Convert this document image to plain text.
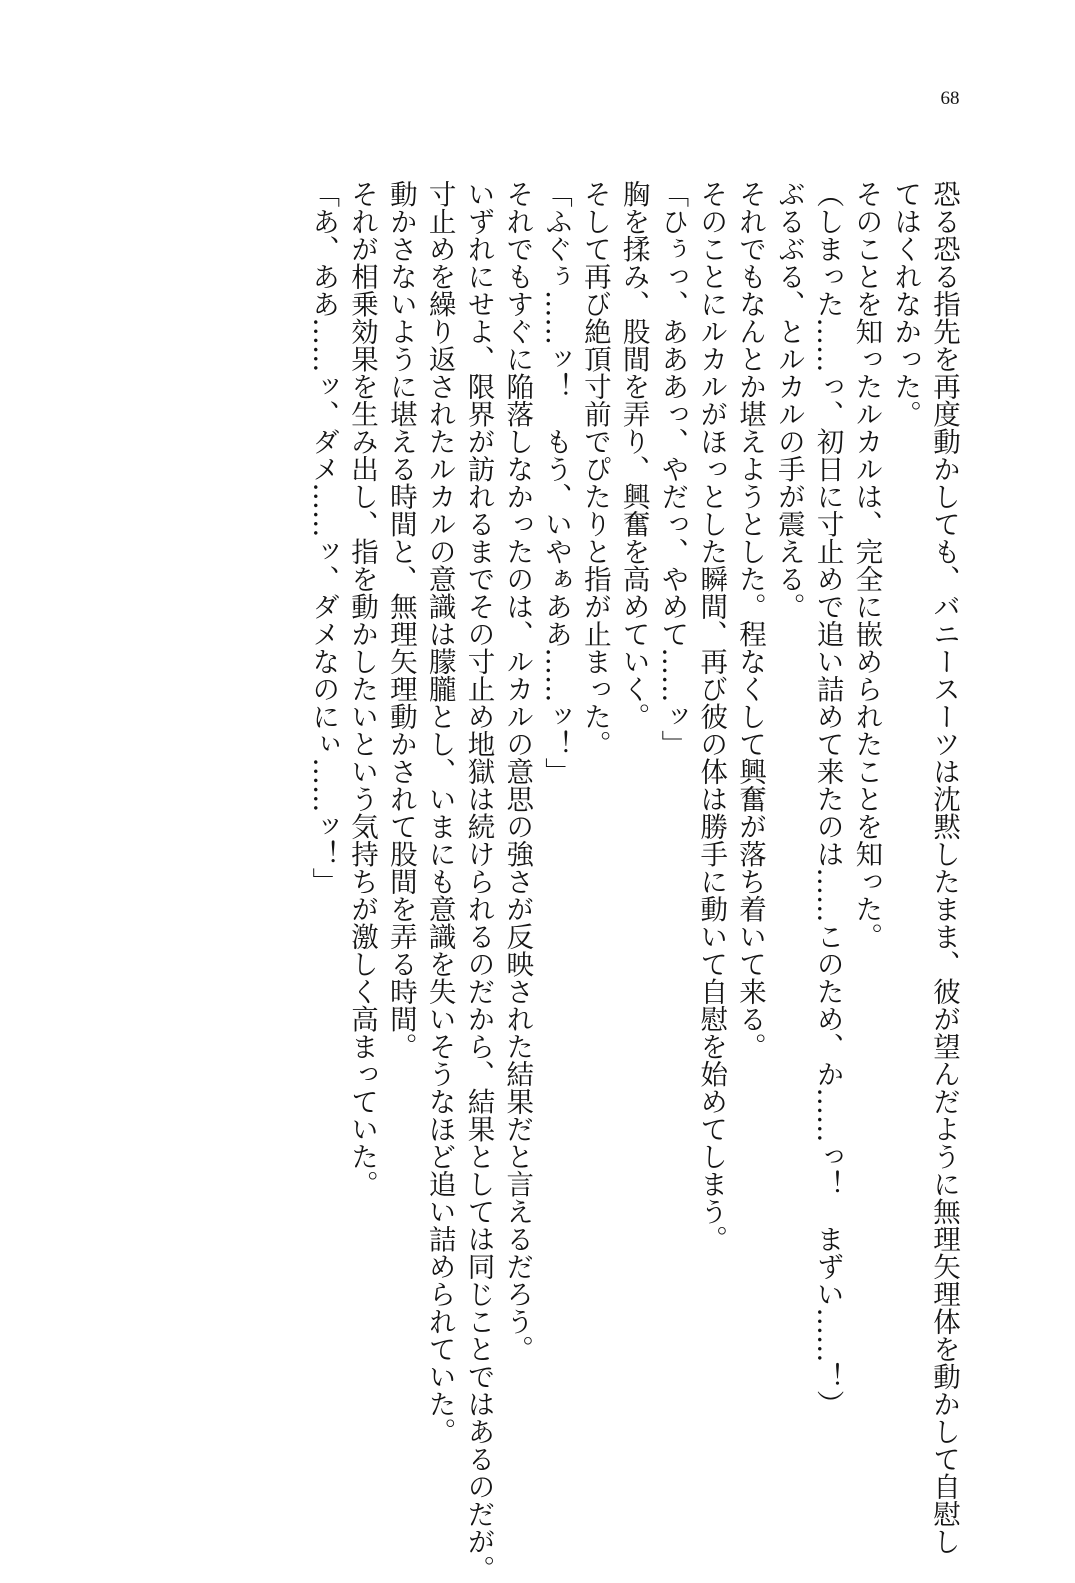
68

恐る恐る指先を再度動かしても、バニースーツは沈黙したまま、彼が望んだように無理矢理体を動かして自慰し

てはくれなかった。

そのことを知ったルカルは、完全に嵌められたことを知った。

（しまった……っ、初日に寸止めで追い詰めて来たのは……このため、か……っ！　まずい……！）

ぶるぶる、とルカルの手が震える。

それでもなんとか堪えようとした。程なくして興奮が落ち着いて来る。

そのことにルカルがほっとした瞬間、再び彼の体は勝手に動いて自慰を始めてしまう。

「ひぅっ、あああっ、やだっ、やめて……ッ」

胸を揉み、股間を弄り、興奮を高めていく。

そして再び絶頂寸前でぴたりと指が止まった。

「ふぐぅ……ッ！　もう、いやぁああ……ッ！」

それでもすぐに陥落しなかったのは、ルカルの意思の強さが反映された結果だと言えるだろう。

いずれにせよ、限界が訪れるまでその寸止め地獄は続けられるのだから、結果としては同じことではあるのだが。

寸止めを繰り返されたルカルの意識は朦朧とし、いまにも意識を失いそうなほど追い詰められていた。

動かさないように堪える時間と、無理矢理動かされて股間を弄る時間。

それが相乗効果を生み出し、指を動かしたいという気持ちが激しく高まっていた。

「あ、ああ……ッ、ダメ……ッ、ダメなのにぃ……ッ！」
